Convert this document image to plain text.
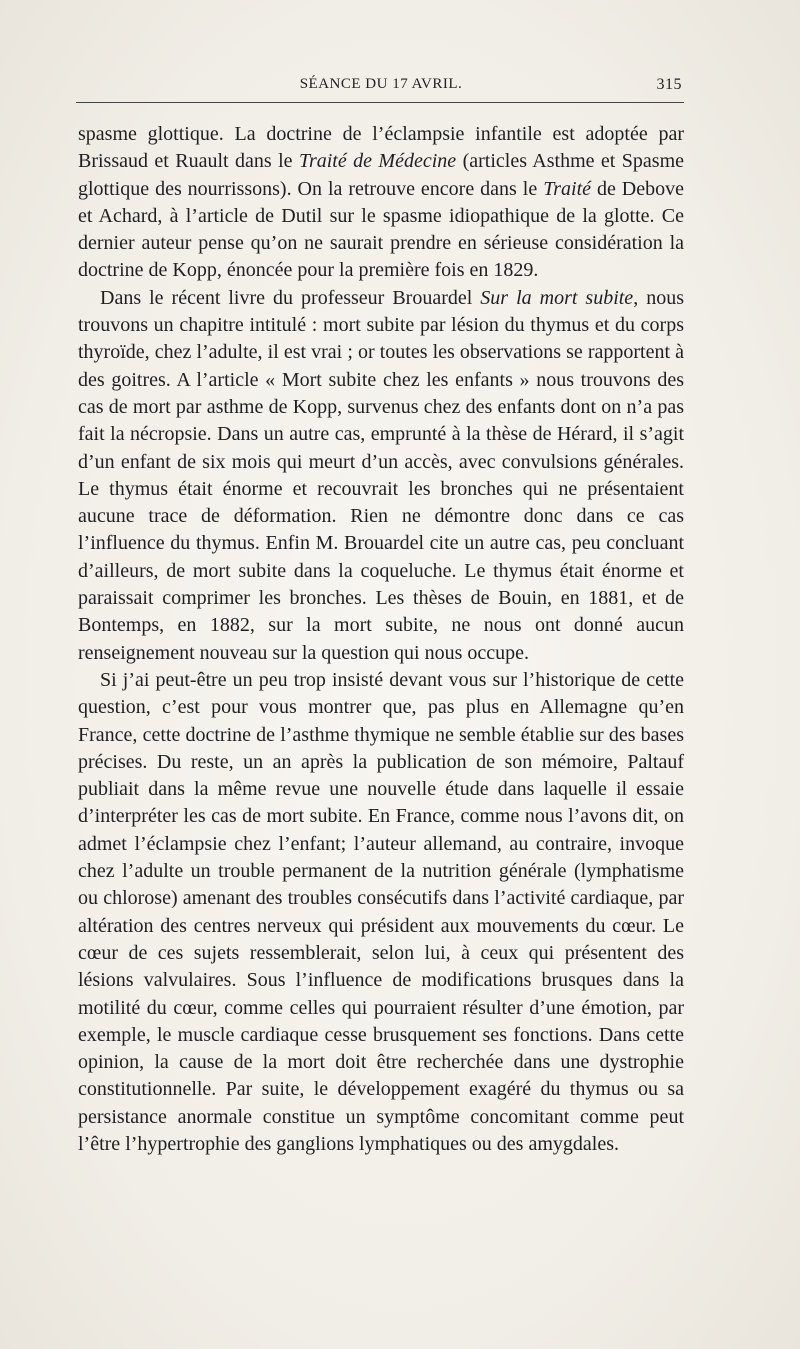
SÉANCE DU 17 AVRIL.	315

spasme glottique. La doctrine de l’éclampsie infantile est adoptée par Brissaud et Ruault dans le Traité de Médecine (articles Asthme et Spasme glottique des nourrissons). On la retrouve encore dans le Traité de Debove et Achard, à l’article de Dutil sur le spasme idiopathique de la glotte. Ce dernier auteur pense qu’on ne saurait prendre en sérieuse considération la doctrine de Kopp, énoncée pour la première fois en 1829.

Dans le récent livre du professeur Brouardel Sur la mort subite, nous trouvons un chapitre intitulé : mort subite par lésion du thymus et du corps thyroïde, chez l’adulte, il est vrai ; or toutes les observations se rapportent à des goitres. A l’article « Mort subite chez les enfants » nous trouvons des cas de mort par asthme de Kopp, survenus chez des enfants dont on n’a pas fait la nécropsie. Dans un autre cas, emprunté à la thèse de Hérard, il s’agit d’un enfant de six mois qui meurt d’un accès, avec convulsions générales. Le thymus était énorme et recouvrait les bronches qui ne présentaient aucune trace de déformation. Rien ne démontre donc dans ce cas l’influence du thymus. Enfin M. Brouardel cite un autre cas, peu concluant d’ailleurs, de mort subite dans la coqueluche. Le thymus était énorme et paraissait comprimer les bronches. Les thèses de Bouin, en 1881, et de Bontemps, en 1882, sur la mort subite, ne nous ont donné aucun renseignement nouveau sur la question qui nous occupe.

Si j’ai peut-être un peu trop insisté devant vous sur l’historique de cette question, c’est pour vous montrer que, pas plus en Allemagne qu’en France, cette doctrine de l’asthme thymique ne semble établie sur des bases précises. Du reste, un an après la publication de son mémoire, Paltauf publiait dans la même revue une nouvelle étude dans laquelle il essaie d’interpréter les cas de mort subite. En France, comme nous l’avons dit, on admet l’éclampsie chez l’enfant; l’auteur allemand, au contraire, invoque chez l’adulte un trouble permanent de la nutrition générale (lymphatisme ou chlorose) amenant des troubles consécutifs dans l’activité cardiaque, par altération des centres nerveux qui président aux mouvements du cœur. Le cœur de ces sujets ressemblerait, selon lui, à ceux qui présentent des lésions valvulaires. Sous l’influence de modifications brusques dans la motilité du cœur, comme celles qui pourraient résulter d’une émotion, par exemple, le muscle cardiaque cesse brusquement ses fonctions. Dans cette opinion, la cause de la mort doit être recherchée dans une dystrophie constitutionnelle. Par suite, le développement exagéré du thymus ou sa persistance anormale constitue un symptôme concomitant comme peut l’être l’hypertrophie des ganglions lymphatiques ou des amygdales.
